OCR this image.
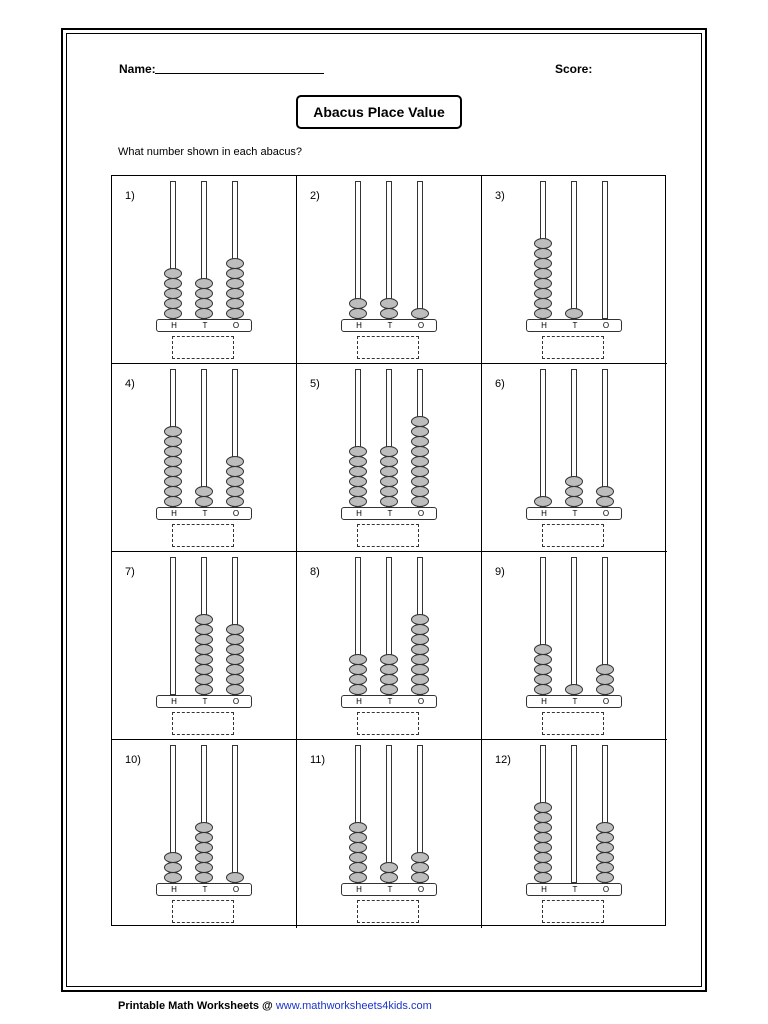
Name:	Score:
Abacus Place Value
What number shown in each abacus?
1)
H	T	O
2)
H	T	O
3)
H	T	O
4)
H	T	O
5)
H	T	O
6)
H	T	O
7)
H	T	O
8)
H	T	O
9)
H	T	O
10)
H	T	O
11)
H	T	O
12)
H	T	O
Printable Math Worksheets @ www.mathworksheets4kids.com
